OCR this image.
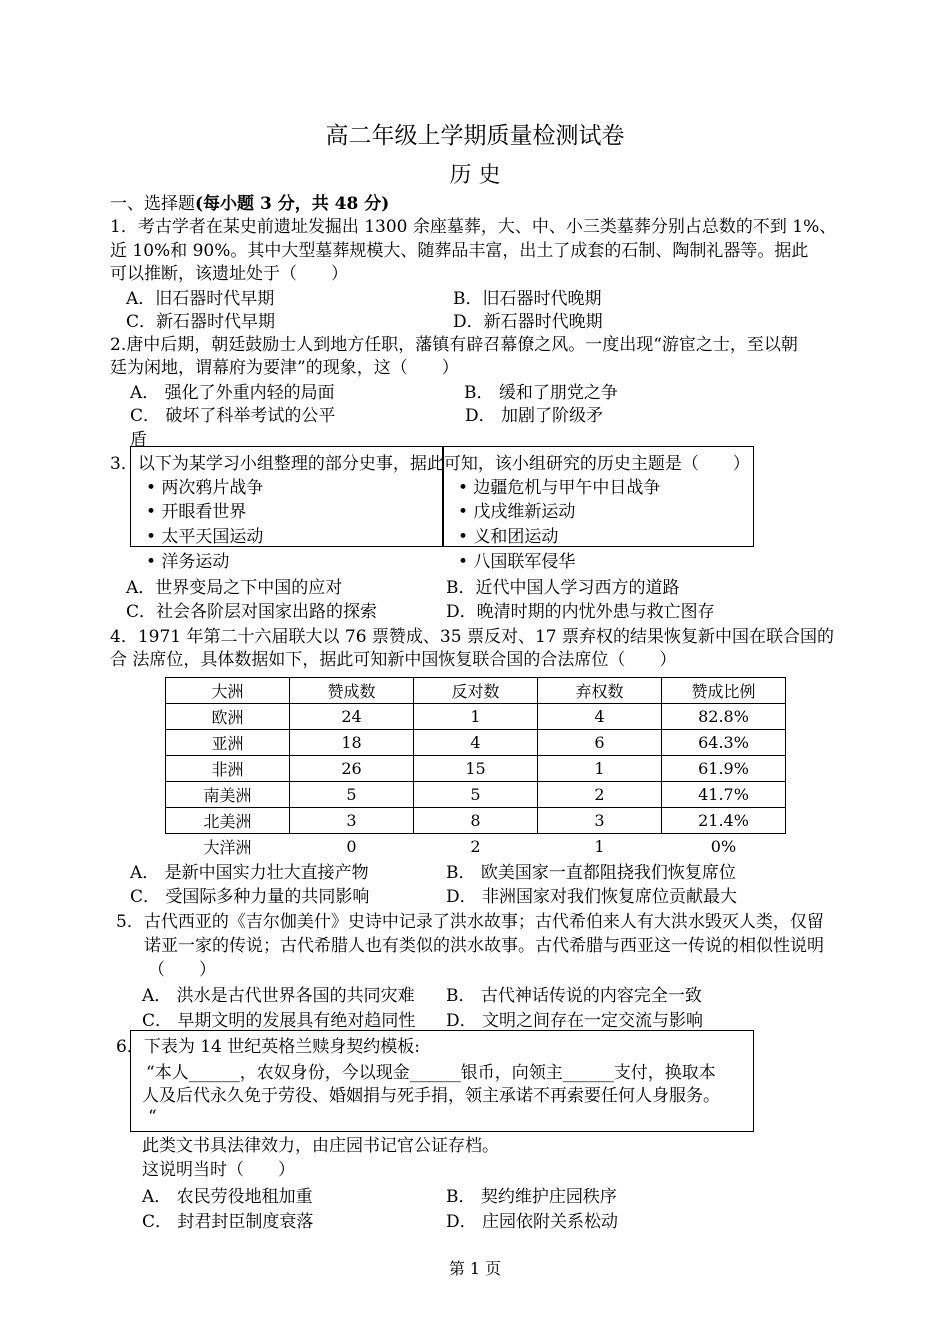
高二年级上学期质量检测试卷
历 史
一、选择题(每小题 3 分，共 48 分)
1．考古学者在某史前遗址发掘出 1300 余座墓葬，大、中、小三类墓葬分别占总数的不到 1%、
近 10%和 90%。其中大型墓葬规模大、随葬品丰富，出土了成套的石制、陶制礼器等。据此
可以推断，该遗址处于（　　）
A．旧石器时代早期	B．旧石器时代晚期
C．新石器时代早期	D．新石器时代晚期
2.唐中后期，朝廷鼓励士人到地方任职，藩镇有辟召幕僚之风。一度出现“游宦之士，至以朝
廷为闲地，谓幕府为要津”的现象，这（　　）
A． 强化了外重内轻的局面	B． 缓和了朋党之争
C． 破坏了科举考试的公平	D． 加剧了阶级矛
盾
3．以下为某学习小组整理的部分史事，据此可知，该小组研究的历史主题是（　　）
• 两次鸦片战争
• 开眼看世界
• 太平天国运动
• 洋务运动
• 边疆危机与甲午中日战争
• 戊戌维新运动
• 义和团运动
• 八国联军侵华
A．世界变局之下中国的应对	B．近代中国人学习西方的道路
C．社会各阶层对国家出路的探索	D．晚清时期的内忧外患与救亡图存
4．1971 年第二十六届联大以 76 票赞成、35 票反对、17 票弃权的结果恢复新中国在联合国的
合 法席位，具体数据如下，据此可知新中国恢复联合国的合法席位（　　）
大洲	赞成数	反对数	弃权数	赞成比例
欧洲	24	1	4	82.8%
亚洲	18	4	6	64.3%
非洲	26	15	1	61.9%
南美洲	5	5	2	41.7%
北美洲	3	8	3	21.4%
大洋洲	0	2	1	0%
A． 是新中国实力壮大直接产物	B． 欧美国家一直都阻挠我们恢复席位
C． 受国际多种力量的共同影响	D． 非洲国家对我们恢复席位贡献最大
5．古代西亚的《吉尔伽美什》史诗中记录了洪水故事；古代希伯来人有大洪水毁灭人类，仅留
诺亚一家的传说；古代希腊人也有类似的洪水故事。古代希腊与西亚这一传说的相似性说明
（　　）
A． 洪水是古代世界各国的共同灾难 B． 古代神话传说的内容完全一致
C． 早期文明的发展具有绝对趋同性 D． 文明之间存在一定交流与影响
6．下表为 14 世纪英格兰赎身契约模板:
“本人______，农奴身份，今以现金______银币，向领主______支付，换取本
人及后代永久免于劳役、婚姻捐与死手捐，领主承诺不再索要任何人身服务。
“
此类文书具法律效力，由庄园书记官公证存档。
这说明当时（　　）
A． 农民劳役地租加重	B． 契约维护庄园秩序
C． 封君封臣制度衰落	D． 庄园依附关系松动
第 1 页
